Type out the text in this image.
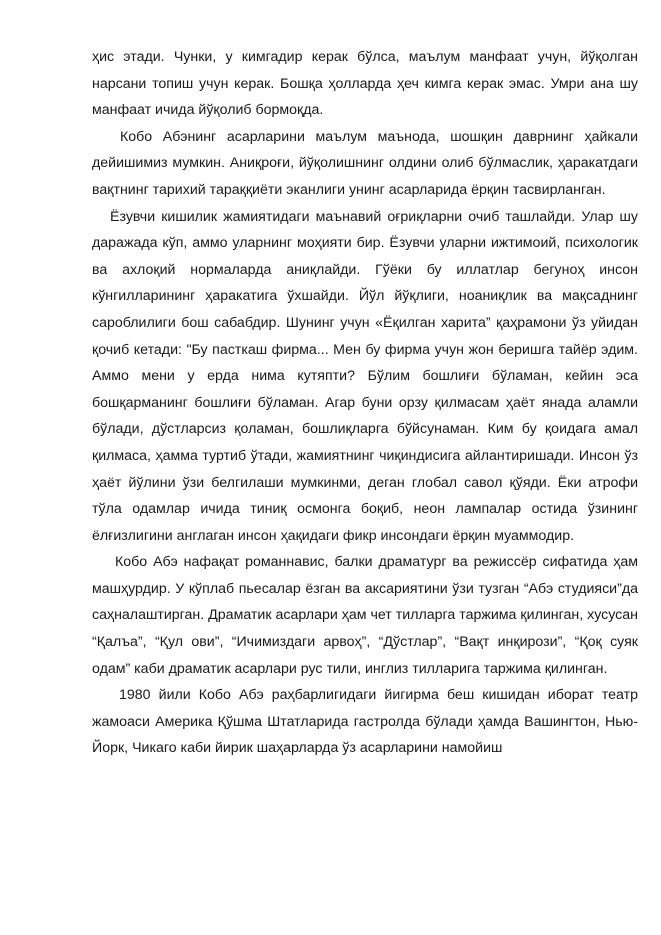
ҳис этади. Чунки, у кимгадир керак бўлса, маълум манфаат учун, йўқолган нарсани топиш учун керак. Бошқа ҳолларда ҳеч кимга керак эмас. Умри ана шу манфаат ичида йўқолиб бормоқда.

Кобо Абэнинг асарларини маълум маънода, шошқин даврнинг ҳайкали дейишимиз мумкин. Аниқроғи, йўқолишнинг олдини олиб бўлмаслик, ҳаракатдаги вақтнинг тарихий тараққиёти эканлиги унинг асарларида ёрқин тасвирланган.

Ёзувчи кишилик жамиятидаги маънавий оғриқларни очиб ташлайди. Улар шу даражада кўп, аммо уларнинг моҳияти бир. Ёзувчи уларни ижтимоий, психологик ва ахлоқий нормаларда аниқлайди. Гўёки бу иллатлар бегуноҳ инсон кўнгилларининг ҳаракатига ўхшайди. Йўл йўқлиги, ноаниқлик ва мақсаднинг сароблилиги бош сабабдир. Шунинг учун «Ёқилган харита” қаҳрамони ўз уйидан қочиб кетади: "Бу пасткаш фирма... Мен бу фирма учун жон беришга тайёр эдим. Аммо мени у ерда нима кутяпти? Бўлим бошлиғи бўламан, кейин эса бошқарманинг бошлиғи бўламан. Агар буни орзу қилмасам ҳаёт янада аламли бўлади, дўстларсиз қоламан, бошлиқларга бўйсунаман. Ким бу қоидага амал қилмаса, ҳамма туртиб ўтади, жамиятнинг чиқиндисига айлантиришади. Инсон ўз ҳаёт йўлини ўзи белгилаши мумкинми, деган глобал савол қўяди. Ёки атрофи тўла одамлар ичида тиниқ осмонга боқиб, неон лампалар остида ўзининг ёлғизлигини англаган инсон ҳақидаги фикр инсондаги ёрқин муаммодир.

Кобо Абэ нафақат романнавис, балки драматург ва режиссёр сифатида ҳам машҳурдир. У кўплаб пьесалар ёзган ва аксариятини ўзи тузган “Абэ студияси”да саҳналаштирган. Драматик асарлари ҳам чет тилларга таржима қилинган, хусусан “Қалъа”, “Қул ови”, “Ичимиздаги арвоҳ”, “Дўстлар”, “Вақт инқирози”, “Қоқ суяк одам” каби драматик асарлари рус тили, инглиз тилларига таржима қилинган.

1980 йили Кобо Абэ раҳбарлигидаги йигирма беш кишидан иборат театр жамоаси Америка Қўшма Штатларида гастролда бўлади ҳамда Вашингтон, Нью-Йорк, Чикаго каби йирик шаҳарларда ўз асарларини намойиш
